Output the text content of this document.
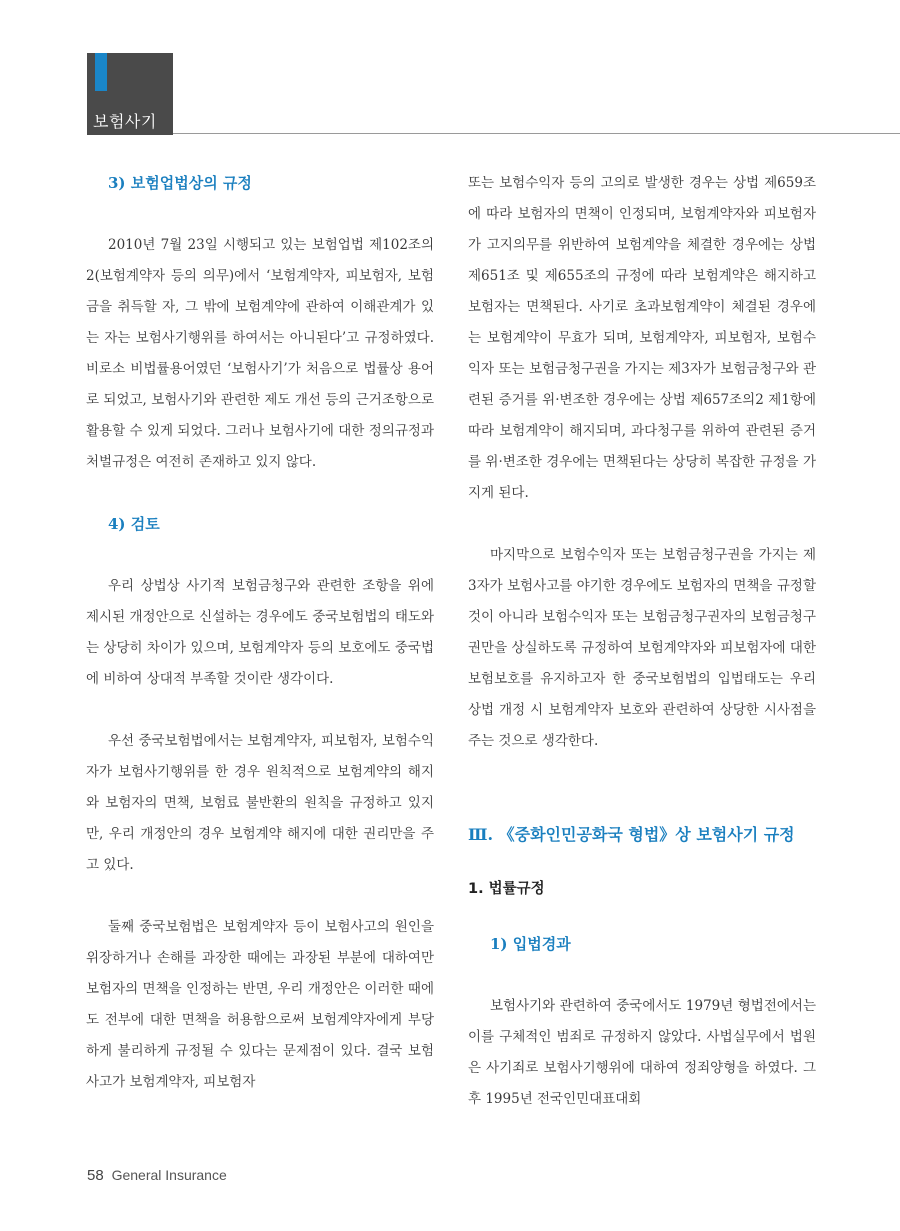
보험사기
3) 보험업법상의 규정

2010년 7월 23일 시행되고 있는 보험업법 제102조의2(보험계약자 등의 의무)에서 ‘보험계약자, 피보험자, 보험금을 취득할 자, 그 밖에 보험계약에 관하여 이해관계가 있는 자는 보험사기행위를 하여서는 아니된다’고 규정하였다. 비로소 비법률용어였던 ‘보험사기’가 처음으로 법률상 용어로 되었고, 보험사기와 관련한 제도 개선 등의 근거조항으로 활용할 수 있게 되었다. 그러나 보험사기에 대한 정의규정과 처벌규정은 여전히 존재하고 있지 않다.

4) 검토

우리 상법상 사기적 보험금청구와 관련한 조항을 위에 제시된 개정안으로 신설하는 경우에도 중국보험법의 태도와는 상당히 차이가 있으며, 보험계약자 등의 보호에도 중국법에 비하여 상대적 부족할 것이란 생각이다.

우선 중국보험법에서는 보험계약자, 피보험자, 보험수익자가 보험사기행위를 한 경우 원칙적으로 보험계약의 해지와 보험자의 면책, 보험료 불반환의 원칙을 규정하고 있지만, 우리 개정안의 경우 보험계약 해지에 대한 권리만을 주고 있다.

둘째 중국보험법은 보험계약자 등이 보험사고의 원인을 위장하거나 손해를 과장한 때에는 과장된 부분에 대하여만 보험자의 면책을 인정하는 반면, 우리 개정안은 이러한 때에도 전부에 대한 면책을 허용함으로써 보험계약자에게 부당하게 불리하게 규정될 수 있다는 문제점이 있다. 결국 보험사고가 보험계약자, 피보험자

또는 보험수익자 등의 고의로 발생한 경우는 상법 제659조에 따라 보험자의 면책이 인정되며, 보험계약자와 피보험자가 고지의무를 위반하여 보험계약을 체결한 경우에는 상법 제651조 및 제655조의 규정에 따라 보험계약은 해지하고 보험자는 면책된다. 사기로 초과보험계약이 체결된 경우에는 보험계약이 무효가 되며, 보험계약자, 피보험자, 보험수익자 또는 보험금청구권을 가지는 제3자가 보험금청구와 관련된 증거를 위·변조한 경우에는 상법 제657조의2 제1항에 따라 보험계약이 해지되며, 과다청구를 위하여 관련된 증거를 위·변조한 경우에는 면책된다는 상당히 복잡한 규정을 가지게 된다.

마지막으로 보험수익자 또는 보험금청구권을 가지는 제3자가 보험사고를 야기한 경우에도 보험자의 면책을 규정할 것이 아니라 보험수익자 또는 보험금청구권자의 보험금청구권만을 상실하도록 규정하여 보험계약자와 피보험자에 대한 보험보호를 유지하고자 한 중국보험법의 입법태도는 우리 상법 개정 시 보험계약자 보호와 관련하여 상당한 시사점을 주는 것으로 생각한다.

Ⅲ. 《중화인민공화국 형법》상 보험사기 규정
1. 법률규정
1) 입법경과

보험사기와 관련하여 중국에서도 1979년 형법전에서는 이를 구체적인 범죄로 규정하지 않았다. 사법실무에서 법원은 사기죄로 보험사기행위에 대하여 정죄양형을 하였다. 그후 1995년 전국인민대표대회

58 General Insurance
